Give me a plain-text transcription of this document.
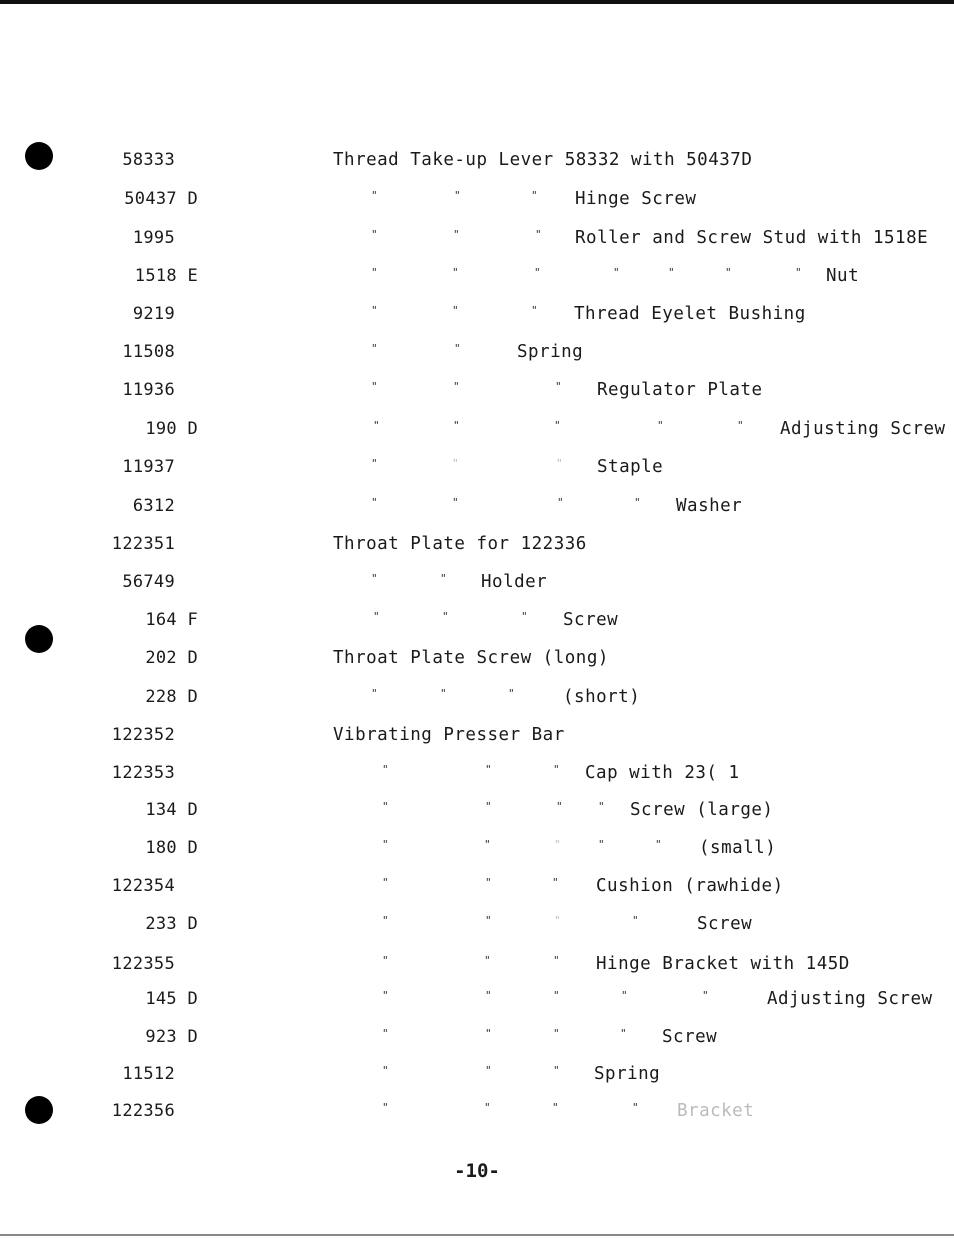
58333	Thread Take-up Lever 58332 with 50437D
50437 D	"	"	" Hinge Screw
1995	"	"	" Roller and Screw Stud with 1518E
1518 E	"	"	"	"	"	"	" Nut
9219	"	"	" Thread Eyelet Bushing
11508	"	"	Spring
11936	"	"	" Regulator Plate
190 D	"	"	"	"	" Adjusting Screw
11937	"	"	" Staple
6312	"	"	"	" Washer
122351	Throat Plate for 122336
56749	"	" Holder
164 F	"	"	" Screw
202 D	Throat Plate Screw (long)
228 D	"	"	"	(short)
122352	Vibrating Presser Bar
122353	"	"	" Cap with 23( 1
134 D	"	"	"	" Screw (large)
180 D	"	"	"	"	" (small)
122354	"	"	" Cushion (rawhide)
233 D	"	"	"	"	Screw
122355	"	"	" Hinge Bracket with 145D
145 D	"	"	"	"	"	Adjusting Screw
923 D	"	"	"	" Screw
11512	"	"	" Spring
122356	"	"	"	" Bracket
-10-
